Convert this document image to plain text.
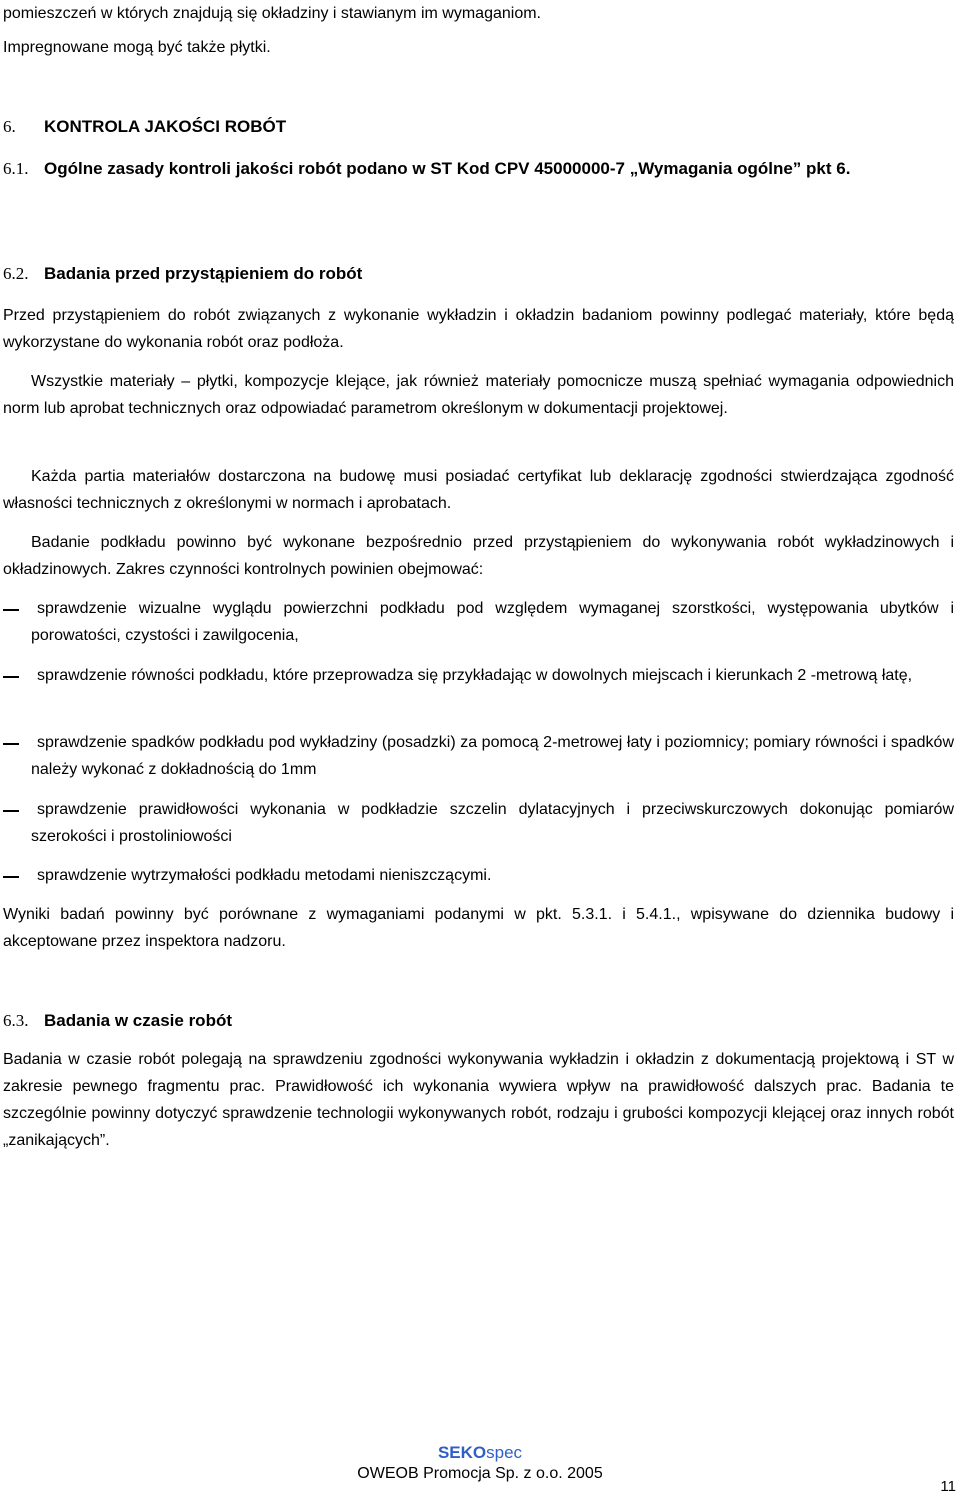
pomieszczeń w których znajdują się okładziny i stawianym im wymaganiom.

Impregnowane mogą być także płytki.

6. KONTROLA JAKOŚCI ROBÓT
6.1. Ogólne zasady kontroli jakości robót podano w ST Kod CPV 45000000-7 „Wymagania ogólne” pkt 6.
6.2. Badania przed przystąpieniem do robót

Przed przystąpieniem do robót związanych z wykonanie wykładzin i okładzin badaniom powinny podlegać materiały, które będą wykorzystane do wykonania robót oraz podłoża.

Wszystkie materiały – płytki, kompozycje klejące, jak również materiały pomocnicze muszą spełniać wymagania odpowiednich norm lub aprobat technicznych oraz odpowiadać parametrom określonym w dokumentacji projektowej.

Każda partia materiałów dostarczona na budowę musi posiadać certyfikat lub deklarację zgodności stwierdzająca zgodność własności technicznych z określonymi w normach i aprobatach.

Badanie podkładu powinno być wykonane bezpośrednio przed przystąpieniem do wykonywania robót wykładzinowych i okładzinowych. Zakres czynności kontrolnych powinien obejmować:

sprawdzenie wizualne wyglądu powierzchni podkładu pod względem wymaganej szorstkości, występowania ubytków i porowatości, czystości i zawilgocenia,
sprawdzenie równości podkładu, które przeprowadza się przykładając w dowolnych miejscach i kierunkach 2 -metrową łatę,
sprawdzenie spadków podkładu pod wykładziny (posadzki) za pomocą 2-metrowej łaty i poziomnicy; pomiary równości i spadków należy wykonać z dokładnością do 1mm
sprawdzenie prawidłowości wykonania w podkładzie szczelin dylatacyjnych i przeciwskurczowych dokonując pomiarów szerokości i prostoliniowości
sprawdzenie wytrzymałości podkładu metodami nieniszczącymi.

Wyniki badań powinny być porównane z wymaganiami podanymi w pkt. 5.3.1. i 5.4.1., wpisywane do dziennika budowy i akceptowane przez inspektora nadzoru.

6.3. Badania w czasie robót

Badania w czasie robót polegają na sprawdzeniu zgodności wykonywania wykładzin i okładzin z dokumentacją projektową i ST w zakresie pewnego fragmentu prac. Prawidłowość ich wykonania wywiera wpływ na prawidłowość dalszych prac. Badania te szczególnie powinny dotyczyć sprawdzenie technologii wykonywanych robót, rodzaju i grubości kompozycji klejącej oraz innych robót „zanikających”.

SEKOspec
OWEOB Promocja Sp. z o.o. 2005
11
